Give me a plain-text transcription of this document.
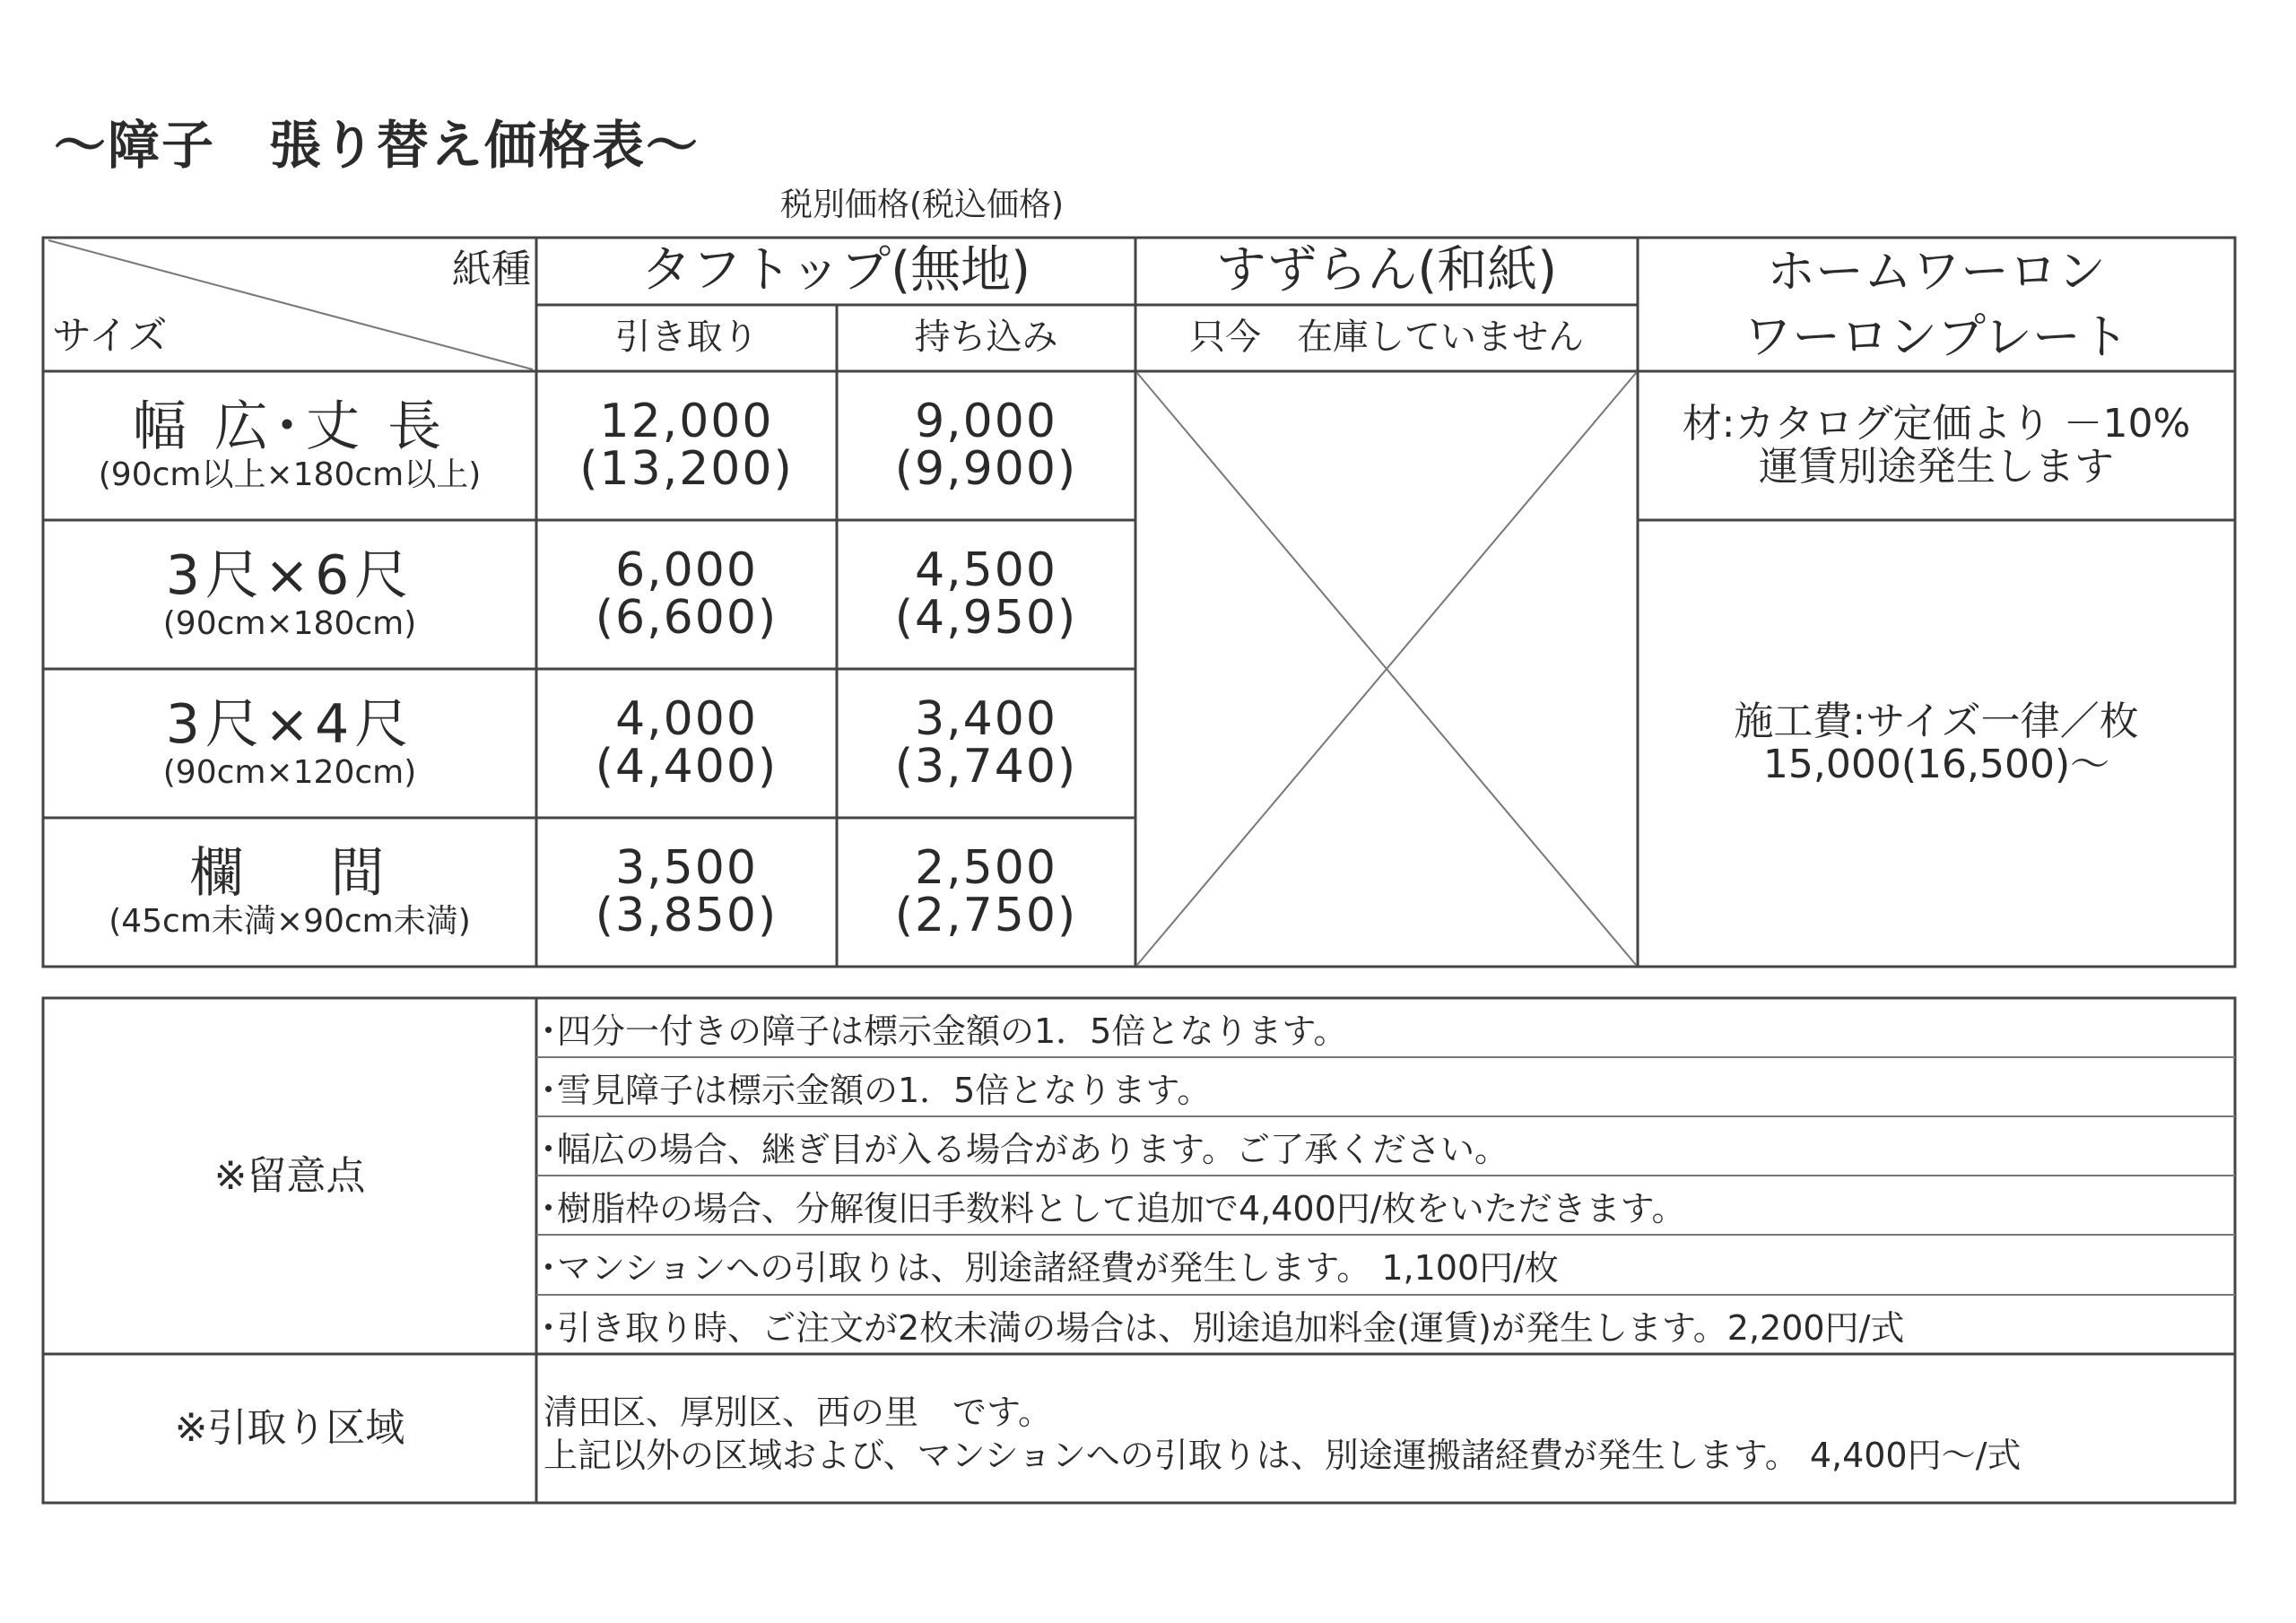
～障子　張り替え価格表～
税別価格(税込価格)
紙種
サイズ
タフトップ(無地)
引き取り	持ち込み
すずらん(和紙)
只今　在庫していません
ホームワーロン
ワーロンプレート
幅 広･丈 長
(90cm以上×180cm以上)
12,000
(13,200)
9,000
(9,900)
3尺×6尺
(90cm×180cm)
6,000
(6,600)
4,500
(4,950)
3尺×4尺
(90cm×120cm)
4,000
(4,400)
3,400
(3,740)
欄　 間
(45cm未満×90cm未満)
3,500
(3,850)
2,500
(2,750)
材:カタログ定価より －10%
運賃別途発生します
施工費:サイズ一律／枚
15,000(16,500)～
※留意点
･四分一付きの障子は標示金額の1．5倍となります。
･雪見障子は標示金額の1．5倍となります。
･幅広の場合、継ぎ目が入る場合があります。ご了承ください。
･樹脂枠の場合、分解復旧手数料として追加で4,400円/枚をいただきます。
･マンションへの引取りは、別途諸経費が発生します。 1,100円/枚
･引き取り時、ご注文が2枚未満の場合は、別途追加料金(運賃)が発生します。2,200円/式
※引取り区域	清田区、厚別区、西の里　です。
上記以外の区域および、マンションへの引取りは、別途運搬諸経費が発生します。 4,400円～/式
